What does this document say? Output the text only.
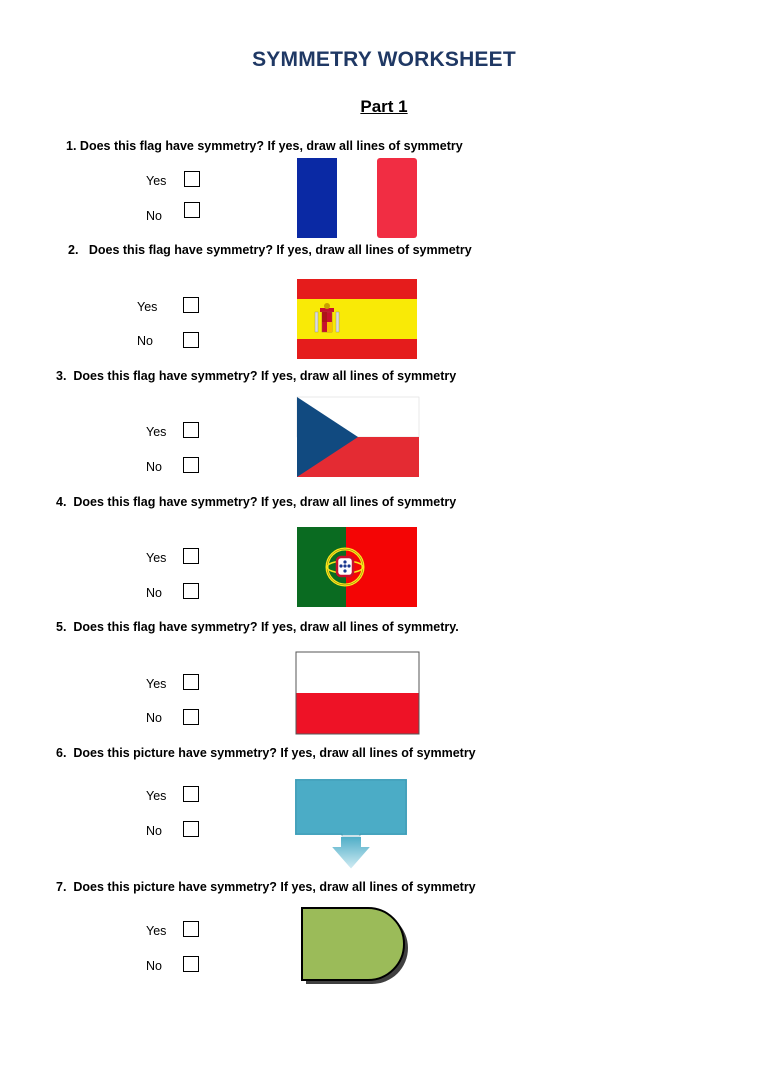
SYMMETRY WORKSHEET
Part 1
1. Does this flag have symmetry? If yes, draw all lines of symmetry
Yes
No
2. Does this flag have symmetry? If yes, draw all lines of symmetry
Yes
No
3. Does this flag have symmetry? If yes, draw all lines of symmetry
Yes
No
4. Does this flag have symmetry? If yes, draw all lines of symmetry
Yes
No
5. Does this flag have symmetry? If yes, draw all lines of symmetry.
Yes
No
6. Does this picture have symmetry? If yes, draw all lines of symmetry
Yes
No
7. Does this picture have symmetry? If yes, draw all lines of symmetry
Yes
No
